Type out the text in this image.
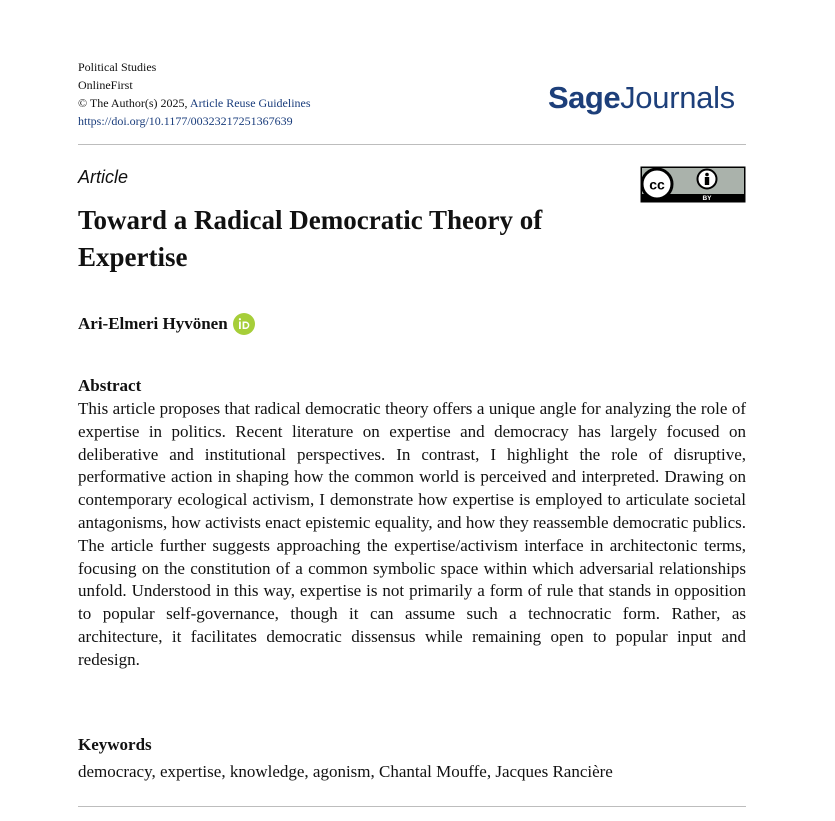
Political Studies
OnlineFirst
© The Author(s) 2025, Article Reuse Guidelines
https://doi.org/10.1177/00323217251367639
SageJournals
Article	cc
BY
Toward a Radical Democratic Theory of Expertise
Ari-Elmeri Hyvönen
Abstract

This article proposes that radical democratic theory offers a unique angle for analyzing the role of expertise in politics. Recent literature on expertise and democracy has largely focused on deliberative and institutional perspectives. In contrast, I highlight the role of disruptive, performative action in shaping how the common world is perceived and interpreted. Drawing on contemporary ecological activism, I demonstrate how expertise is employed to articulate societal antagonisms, how activists enact epistemic equality, and how they reassemble democratic publics. The article further suggests approaching the expertise/activism interface in architectonic terms, focusing on the constitution of a common symbolic space within which adversarial relationships unfold. Understood in this way, expertise is not primarily a form of rule that stands in opposition to popular self-governance, though it can assume such a technocratic form. Rather, as architecture, it facilitates democratic dissensus while remaining open to popular input and redesign.

Keywords
democracy, expertise, knowledge, agonism, Chantal Mouffe, Jacques Rancière
